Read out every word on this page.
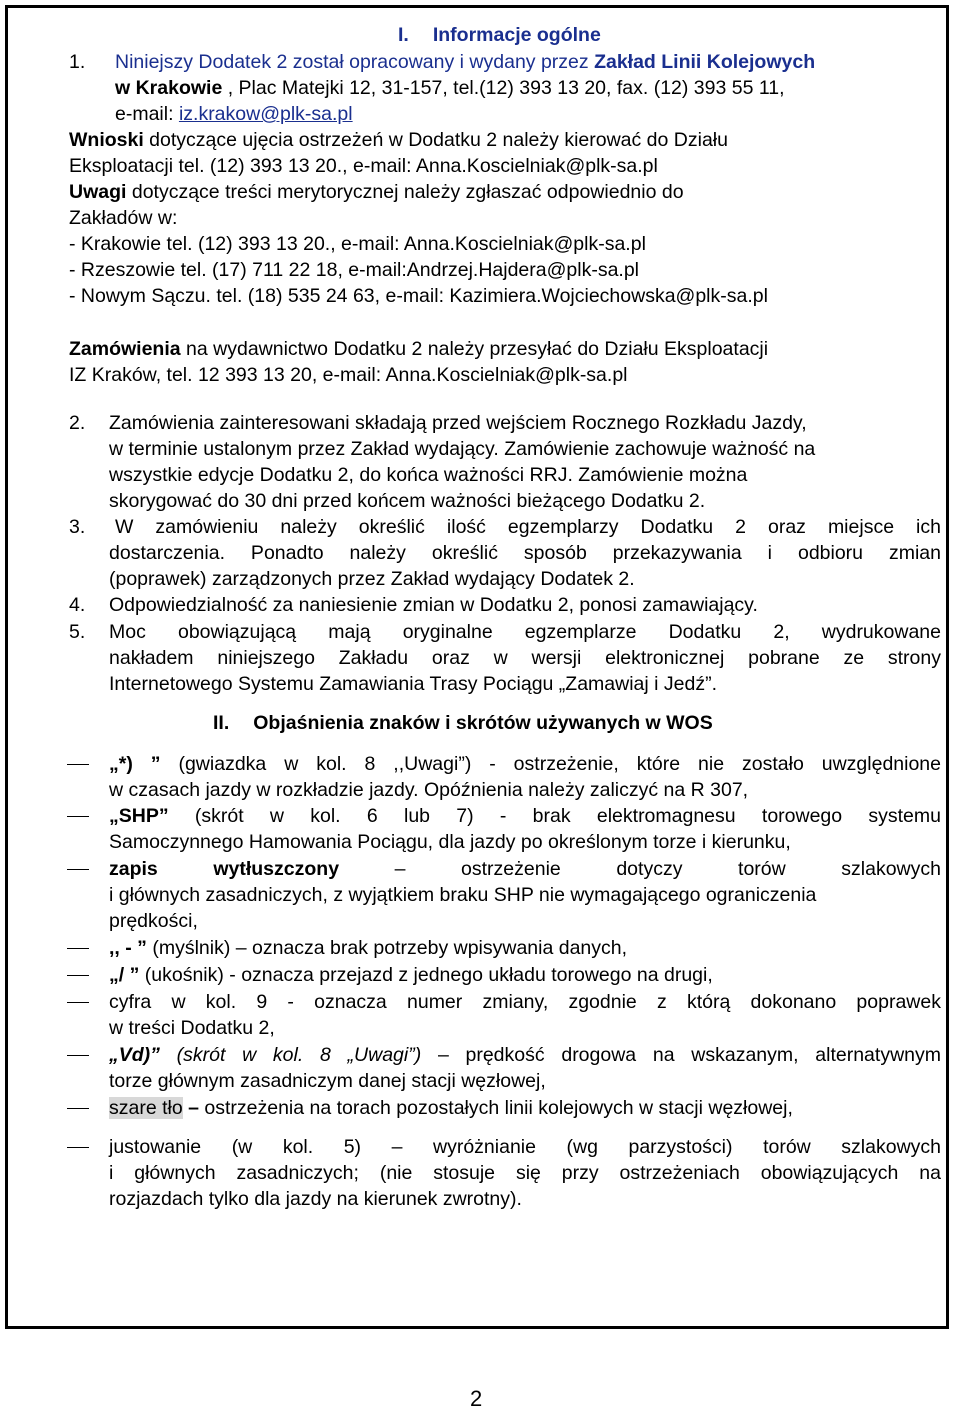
I. Informacje ogólne
1. Niniejszy Dodatek 2 został opracowany i wydany przez Zakład Linii Kolejowych
w Krakowie , Plac Matejki 12, 31-157, tel.(12) 393 13 20, fax. (12) 393 55 11,
e-mail: iz.krakow@plk-sa.pl
Wnioski dotyczące ujęcia ostrzeżeń w Dodatku 2 należy kierować do Działu
Eksploatacji tel. (12) 393 13 20., e-mail: Anna.Koscielniak@plk-sa.pl
Uwagi dotyczące treści merytorycznej należy zgłaszać odpowiednio do
Zakładów w:
- Krakowie tel. (12) 393 13 20., e-mail: Anna.Koscielniak@plk-sa.pl
- Rzeszowie tel. (17) 711 22 18, e-mail:Andrzej.Hajdera@plk-sa.pl
- Nowym Sączu. tel. (18) 535 24 63, e-mail: Kazimiera.Wojciechowska@plk-sa.pl
Zamówienia na wydawnictwo Dodatku 2 należy przesyłać do Działu Eksploatacji
IZ Kraków, tel. 12 393 13 20, e-mail: Anna.Koscielniak@plk-sa.pl
2. Zamówienia zainteresowani składają przed wejściem Rocznego Rozkładu Jazdy,
w terminie ustalonym przez Zakład wydający. Zamówienie zachowuje ważność na
wszystkie edycje Dodatku 2, do końca ważności RRJ. Zamówienie można
skorygować do 30 dni przed końcem ważności bieżącego Dodatku 2.
3. W zamówieniu należy określić ilość egzemplarzy Dodatku 2 oraz miejsce ich
dostarczenia. Ponadto należy określić sposób przekazywania i odbioru zmian
(poprawek) zarządzonych przez Zakład wydający Dodatek 2.
4. Odpowiedzialność za naniesienie zmian w Dodatku 2, ponosi zamawiający.
5. Moc obowiązującą mają oryginalne egzemplarze Dodatku 2, wydrukowane
nakładem niniejszego Zakładu oraz w wersji elektronicznej pobrane ze strony
Internetowego Systemu Zamawiania Trasy Pociągu „Zamawiaj i Jedź”.
II. Objaśnienia znaków i skrótów używanych w WOS
„*) ” (gwiazdka w kol. 8 ,,Uwagi”) - ostrzeżenie, które nie zostało uwzględnione
w czasach jazdy w rozkładzie jazdy. Opóźnienia należy zaliczyć na R 307,
„SHP” (skrót w kol. 6 lub 7) - brak elektromagnesu torowego systemu
Samoczynnego Hamowania Pociągu, dla jazdy po określonym torze i kierunku,
zapis wytłuszczony – ostrzeżenie dotyczy torów szlakowych
i głównych zasadniczych, z wyjątkiem braku SHP nie wymagającego ograniczenia
prędkości,
,, - ” (myślnik) – oznacza brak potrzeby wpisywania danych,
„/ ” (ukośnik) - oznacza przejazd z jednego układu torowego na drugi,
cyfra w kol. 9 - oznacza numer zmiany, zgodnie z którą dokonano poprawek
w treści Dodatku 2,
„Vd)” (skrót w kol. 8 „Uwagi”) – prędkość drogowa na wskazanym, alternatywnym
torze głównym zasadniczym danej stacji węzłowej,
szare tło – ostrzeżenia na torach pozostałych linii kolejowych w stacji węzłowej,
justowanie (w kol. 5) – wyróżnianie (wg parzystości) torów szlakowych
i głównych zasadniczych; (nie stosuje się przy ostrzeżeniach obowiązujących na
rozjazdach tylko dla jazdy na kierunek zwrotny).
2
